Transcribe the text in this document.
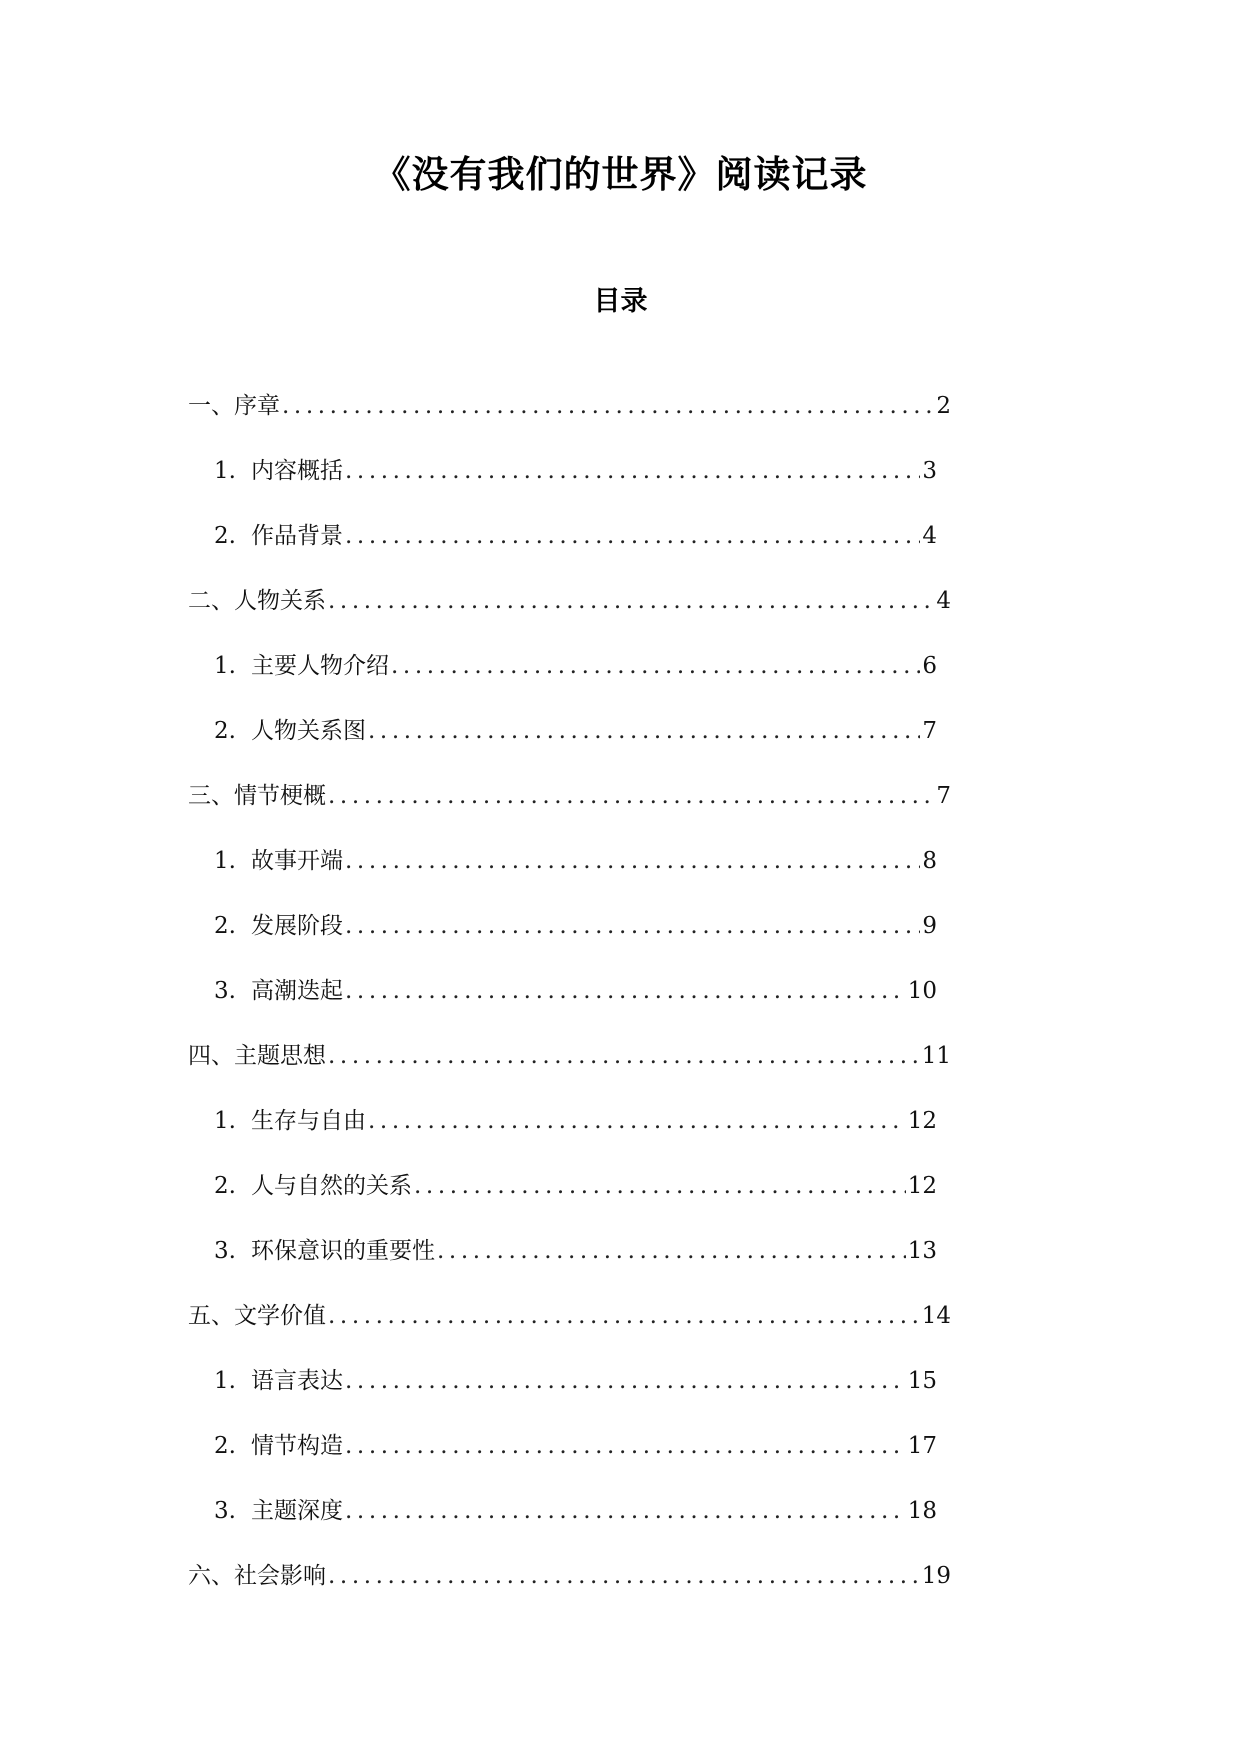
《没有我们的世界》阅读记录
目录
一、序章 .....	2
1. 内容概括 .....	3
2. 作品背景 .....	4
二、人物关系 .....	4
1. 主要人物介绍 .....	6
2. 人物关系图 .....	7
三、情节梗概 .....	7
1. 故事开端 .....	8
2. 发展阶段 .....	9
3. 高潮迭起 .....	10
四、主题思想 .....	11
1. 生存与自由 .....	12
2. 人与自然的关系 .....	12
3. 环保意识的重要性 .....	13
五、文学价值 .....	14
1. 语言表达 .....	15
2. 情节构造 .....	17
3. 主题深度 .....	18
六、社会影响 .....	19
